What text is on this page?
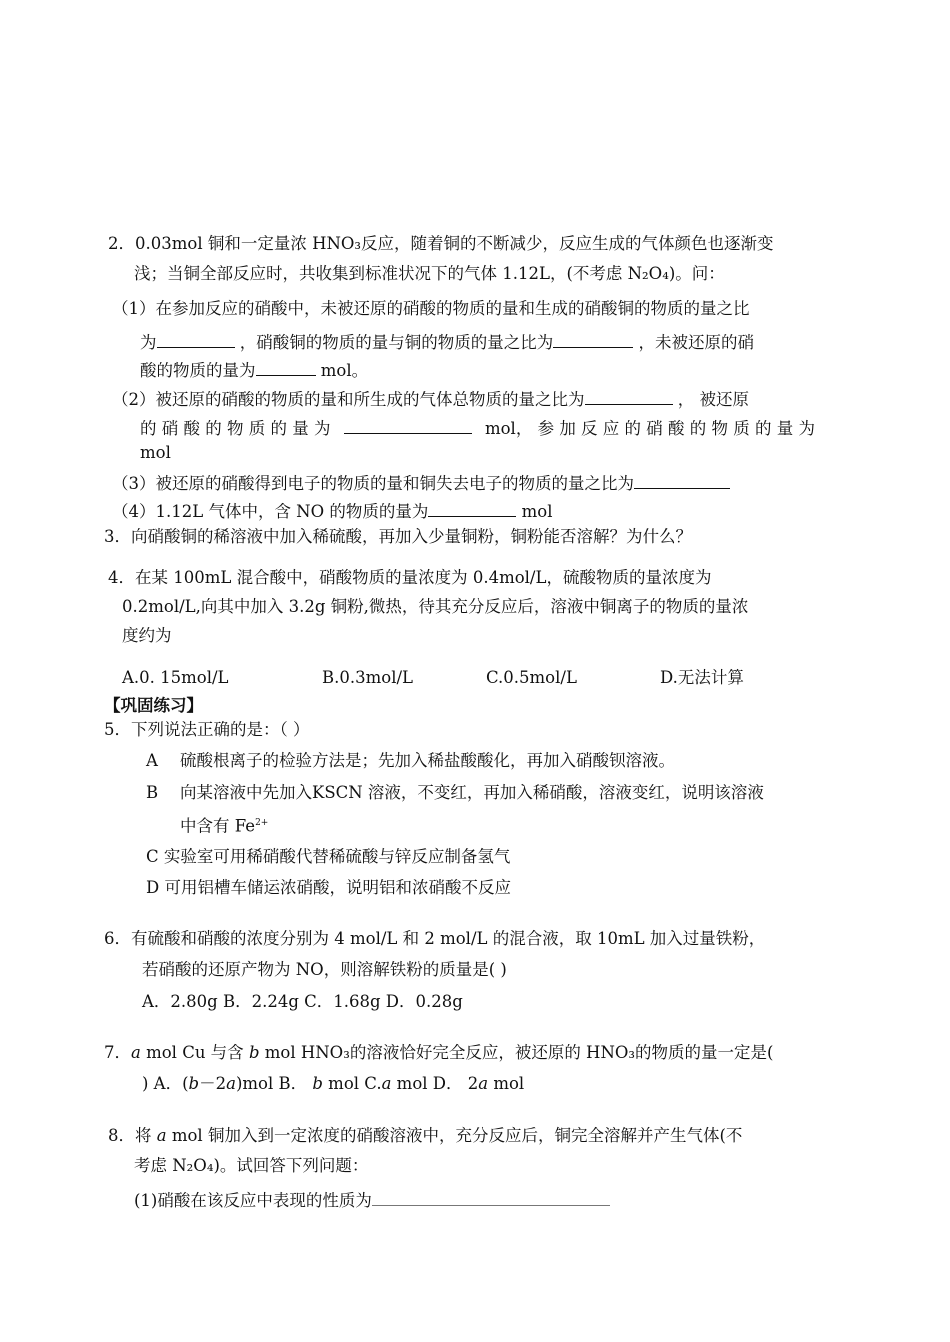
2．0.03mol 铜和一定量浓 HNO₃反应，随着铜的不断减少，反应生成的气体颜色也逐渐变
浅；当铜全部反应时，共收集到标准状况下的气体 1.12L，(不考虑 N₂O₄)。问：
（1）在参加反应的硝酸中，未被还原的硝酸的物质的量和生成的硝酸铜的物质的量之比
为	，硝酸铜的物质的量与铜的物质的量之比为	，未被还原的硝
酸的物质的量为	mol。
（2）被还原的硝酸的物质的量和所生成的气体总物质的量之比为	， 被还原
的 硝 酸 的 物 质 的 量 为	mol， 参 加 反 应 的 硝 酸 的 物 质 的 量 为
mol
（3）被还原的硝酸得到电子的物质的量和铜失去电子的物质的量之比为
（4）1.12L 气体中，含 NO 的物质的量为	mol
3．向硝酸铜的稀溶液中加入稀硫酸，再加入少量铜粉，铜粉能否溶解？为什么？
4．在某 100mL 混合酸中，硝酸物质的量浓度为 0.4mol/L，硫酸物质的量浓度为
0.2mol/L,向其中加入 3.2g 铜粉,微热，待其充分反应后，溶液中铜离子的物质的量浓
度约为
A.0. 15mol/L	B.0.3mol/L	C.0.5mol/L	D.无法计算
【巩固练习】
5．下列说法正确的是：（ ）
A 硫酸根离子的检验方法是；先加入稀盐酸酸化，再加入硝酸钡溶液。
B 向某溶液中先加入KSCN 溶液，不变红，再加入稀硝酸，溶液变红，说明该溶液
中含有 $Fe^{2+}$
C 实验室可用稀硝酸代替稀硫酸与锌反应制备氢气
D 可用铝槽车储运浓硝酸，说明铝和浓硝酸不反应
6．有硫酸和硝酸的浓度分别为 4 mol/L 和 2 mol/L 的混合液，取 10mL 加入过量铁粉，
若硝酸的还原产物为 NO，则溶解铁粉的质量是( )
A．2.80g B．2.24g C．1.68g D．0.28g
7．a mol Cu 与含 b mol HNO₃的溶液恰好完全反应，被还原的 HNO₃的物质的量一定是(
) A．(b－2a)mol B． b mol C.a mol D． 2a mol
8．将 a mol 铜加入到一定浓度的硝酸溶液中，充分反应后，铜完全溶解并产生气体(不
考虑 N₂O₄)。试回答下列问题：
(1)硝酸在该反应中表现的性质为
